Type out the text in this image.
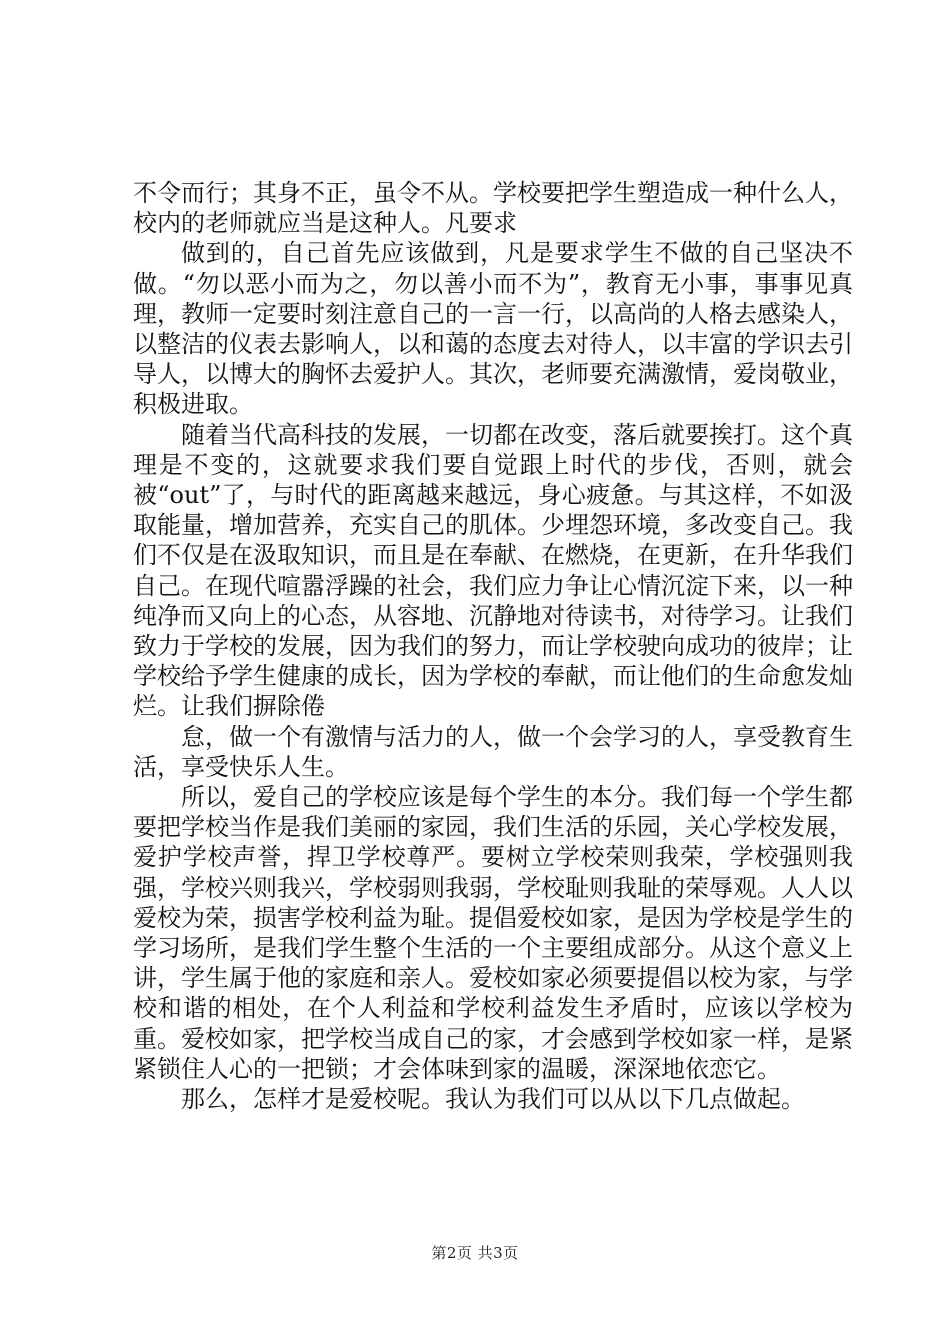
不令而行；其身不正，虽令不从。学校要把学生塑造成一种什么人，校内的老师就应当是这种人。凡要求

做到的，自己首先应该做到，凡是要求学生不做的自己坚决不做。“勿以恶小而为之，勿以善小而不为”，教育无小事，事事见真理，教师一定要时刻注意自己的一言一行，以高尚的人格去感染人，以整洁的仪表去影响人，以和蔼的态度去对待人，以丰富的学识去引导人，以博大的胸怀去爱护人。其次，老师要充满激情，爱岗敬业，积极进取。

随着当代高科技的发展，一切都在改变，落后就要挨打。这个真理是不变的，这就要求我们要自觉跟上时代的步伐，否则，就会被“out”了，与时代的距离越来越远，身心疲惫。与其这样，不如汲取能量，增加营养，充实自己的肌体。少埋怨环境，多改变自己。我们不仅是在汲取知识，而且是在奉献、在燃烧，在更新，在升华我们自己。在现代喧嚣浮躁的社会，我们应力争让心情沉淀下来，以一种纯净而又向上的心态，从容地、沉静地对待读书，对待学习。让我们致力于学校的发展，因为我们的努力，而让学校驶向成功的彼岸；让学校给予学生健康的成长，因为学校的奉献，而让他们的生命愈发灿烂。让我们摒除倦

怠，做一个有激情与活力的人，做一个会学习的人，享受教育生活，享受快乐人生。

所以，爱自己的学校应该是每个学生的本分。我们每一个学生都要把学校当作是我们美丽的家园，我们生活的乐园，关心学校发展，爱护学校声誉，捍卫学校尊严。要树立学校荣则我荣，学校强则我强，学校兴则我兴，学校弱则我弱，学校耻则我耻的荣辱观。人人以爱校为荣，损害学校利益为耻。提倡爱校如家，是因为学校是学生的学习场所，是我们学生整个生活的一个主要组成部分。从这个意义上讲，学生属于他的家庭和亲人。爱校如家必须要提倡以校为家，与学校和谐的相处，在个人利益和学校利益发生矛盾时，应该以学校为重。爱校如家，把学校当成自己的家，才会感到学校如家一样，是紧紧锁住人心的一把锁；才会体味到家的温暖，深深地依恋它。

那么，怎样才是爱校呢。我认为我们可以从以下几点做起。

第2页 共3页
